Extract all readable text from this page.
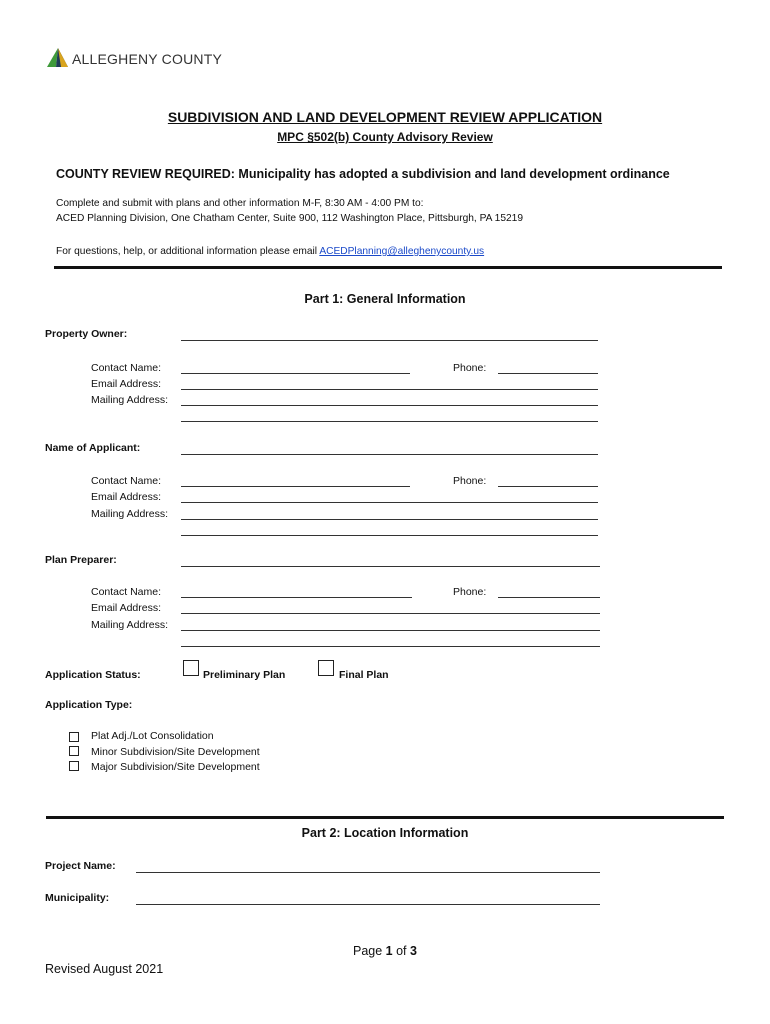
ALLEGHENY COUNTY
SUBDIVISION AND LAND DEVELOPMENT REVIEW APPLICATION
MPC §502(b) County Advisory Review
COUNTY REVIEW REQUIRED: Municipality has adopted a subdivision and land development ordinance
Complete and submit with plans and other information M-F, 8:30 AM - 4:00 PM to:
ACED Planning Division, One Chatham Center, Suite 900, 112 Washington Place, Pittsburgh, PA 15219
For questions, help, or additional information please email ACEDPlanning@alleghenycounty.us
Part 1: General Information
Property Owner:
Contact Name:	Phone:
Email Address:
Mailing Address:
Name of Applicant:
Contact Name:	Phone:
Email Address:
Mailing Address:
Plan Preparer:
Contact Name:	Phone:
Email Address:
Mailing Address:
Application Status:	Preliminary Plan	Final Plan
Application Type:
Plat Adj./Lot Consolidation
Minor Subdivision/Site Development
Major Subdivision/Site Development
Part 2: Location Information
Project Name:
Municipality:
Page 1 of 3
Revised August 2021
